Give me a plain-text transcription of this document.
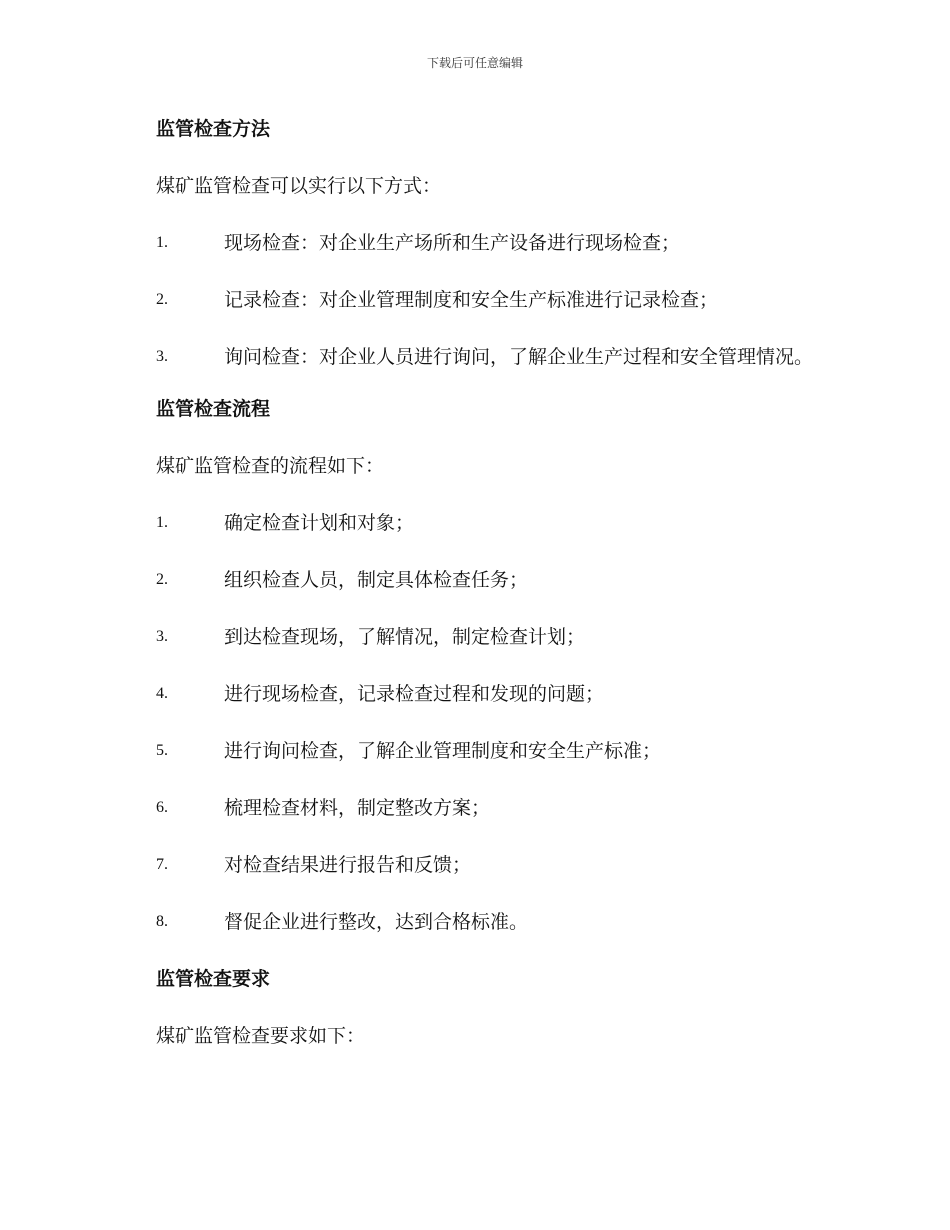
下载后可任意编辑
监管检查方法

煤矿监管检查可以实行以下方式：

1.	现场检查：对企业生产场所和生产设备进行现场检查；
2.	记录检查：对企业管理制度和安全生产标准进行记录检查；
3.	询问检查：对企业人员进行询问，了解企业生产过程和安全管理情况。
监管检查流程

煤矿监管检查的流程如下：

1.	确定检查计划和对象；
2.	组织检查人员，制定具体检查任务；
3.	到达检查现场，了解情况，制定检查计划；
4.	进行现场检查，记录检查过程和发现的问题；
5.	进行询问检查，了解企业管理制度和安全生产标准；
6.	梳理检查材料，制定整改方案；
7.	对检查结果进行报告和反馈；
8.	督促企业进行整改，达到合格标准。
监管检查要求

煤矿监管检查要求如下：
